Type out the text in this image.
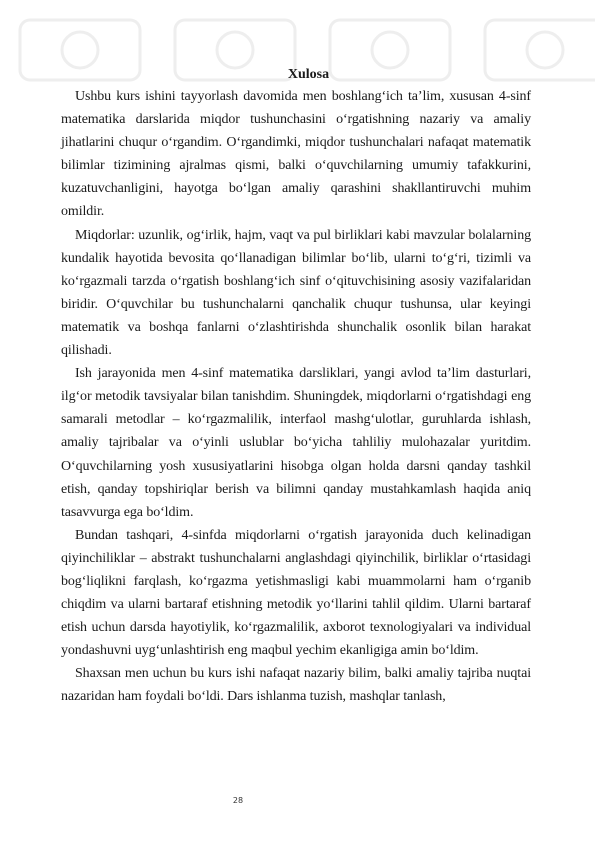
Xulosa

Ushbu kurs ishini tayyorlash davomida men boshlang‘ich ta’lim, xususan 4-sinf matematika darslarida miqdor tushunchasini o‘rgatishning nazariy va amaliy jihatlarini chuqur o‘rgandim. O‘rgandimki, miqdor tushunchalari nafaqat matematik bilimlar tizimining ajralmas qismi, balki o‘quvchilarning umumiy tafakkurini, kuzatuvchanligini, hayotga bo‘lgan amaliy qarashini shakllantiruvchi muhim omildir.

Miqdorlar: uzunlik, og‘irlik, hajm, vaqt va pul birliklari kabi mavzular bolalarning kundalik hayotida bevosita qo‘llanadigan bilimlar bo‘lib, ularni to‘g‘ri, tizimli va ko‘rgazmali tarzda o‘rgatish boshlang‘ich sinf o‘qituvchisining asosiy vazifalaridan biridir. O‘quvchilar bu tushunchalarni qanchalik chuqur tushunsa, ular keyingi matematik va boshqa fanlarni o‘zlashtirishda shunchalik osonlik bilan harakat qilishadi.

Ish jarayonida men 4-sinf matematika darsliklari, yangi avlod ta’lim dasturlari, ilg‘or metodik tavsiyalar bilan tanishdim. Shuningdek, miqdorlarni o‘rgatishdagi eng samarali metodlar – ko‘rgazmalilik, interfaol mashg‘ulotlar, guruhlarda ishlash, amaliy tajribalar va o‘yinli uslublar bo‘yicha tahliliy mulohazalar yuritdim. O‘quvchilarning yosh xususiyatlarini hisobga olgan holda darsni qanday tashkil etish, qanday topshiriqlar berish va bilimni qanday mustahkamlash haqida aniq tasavvurga ega bo‘ldim.

Bundan tashqari, 4-sinfda miqdorlarni o‘rgatish jarayonida duch kelinadigan qiyinchiliklar – abstrakt tushunchalarni anglashdagi qiyinchilik, birliklar o‘rtasidagi bog‘liqlikni farqlash, ko‘rgazma yetishmasligi kabi muammolarni ham o‘rganib chiqdim va ularni bartaraf etishning metodik yo‘llarini tahlil qildim. Ularni bartaraf etish uchun darsda hayotiylik, ko‘rgazmalilik, axborot texnologiyalari va individual yondashuvni uyg‘unlashtirish eng maqbul yechim ekanligiga amin bo‘ldim.

Shaxsan men uchun bu kurs ishi nafaqat nazariy bilim, balki amaliy tajriba nuqtai nazaridan ham foydali bo‘ldi. Dars ishlanma tuzish, mashqlar tanlash,

28
